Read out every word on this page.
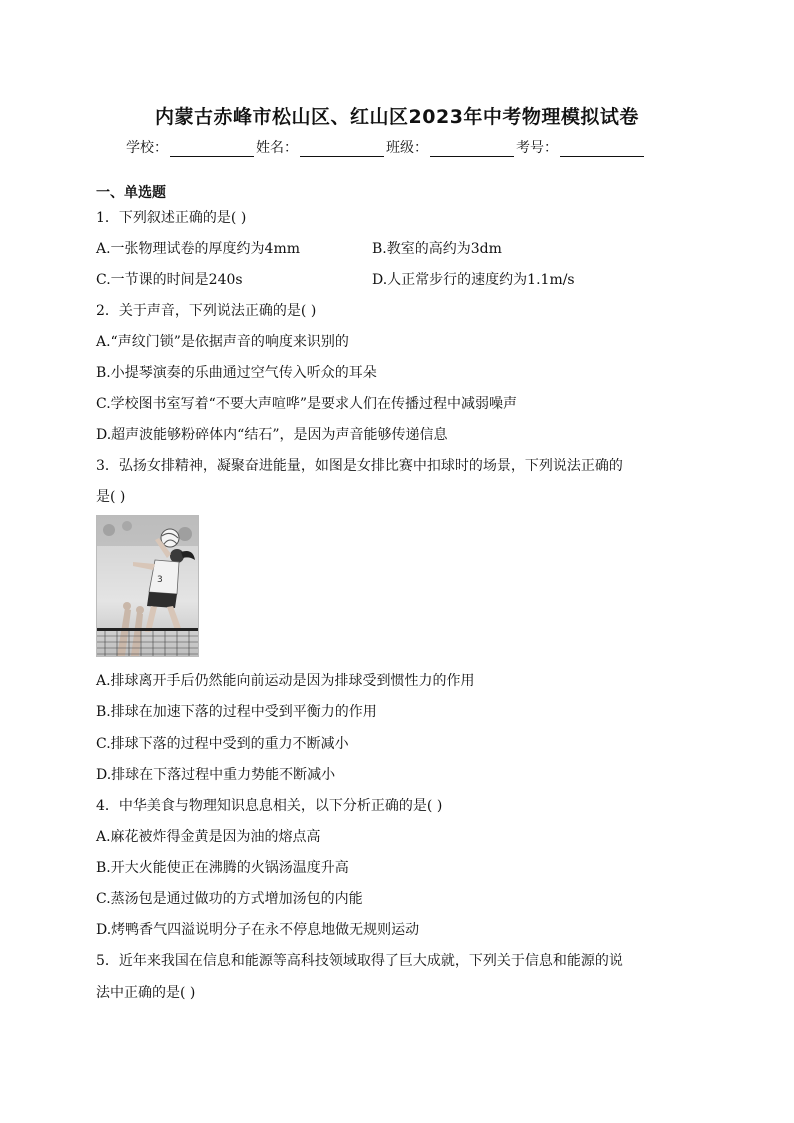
内蒙古赤峰市松山区、红山区2023年中考物理模拟试卷
学校：	姓名：	班级：	考号：
一、单选题
1．下列叙述正确的是( )
A.一张物理试卷的厚度约为4mm	B.教室的高约为3dm
C.一节课的时间是240s	D.人正常步行的速度约为1.1m/s
2．关于声音，下列说法正确的是( )
A.“声纹门锁”是依据声音的响度来识别的
B.小提琴演奏的乐曲通过空气传入听众的耳朵
C.学校图书室写着“不要大声喧哗”是要求人们在传播过程中减弱噪声
D.超声波能够粉碎体内“结石”，是因为声音能够传递信息
3．弘扬女排精神，凝聚奋进能量，如图是女排比赛中扣球时的场景，下列说法正确的
是( )
3
A.排球离开手后仍然能向前运动是因为排球受到惯性力的作用
B.排球在加速下落的过程中受到平衡力的作用
C.排球下落的过程中受到的重力不断减小
D.排球在下落过程中重力势能不断减小
4．中华美食与物理知识息息相关，以下分析正确的是( )
A.麻花被炸得金黄是因为油的熔点高
B.开大火能使正在沸腾的火锅汤温度升高
C.蒸汤包是通过做功的方式增加汤包的内能
D.烤鸭香气四溢说明分子在永不停息地做无规则运动
5．近年来我国在信息和能源等高科技领域取得了巨大成就，下列关于信息和能源的说
法中正确的是( )
